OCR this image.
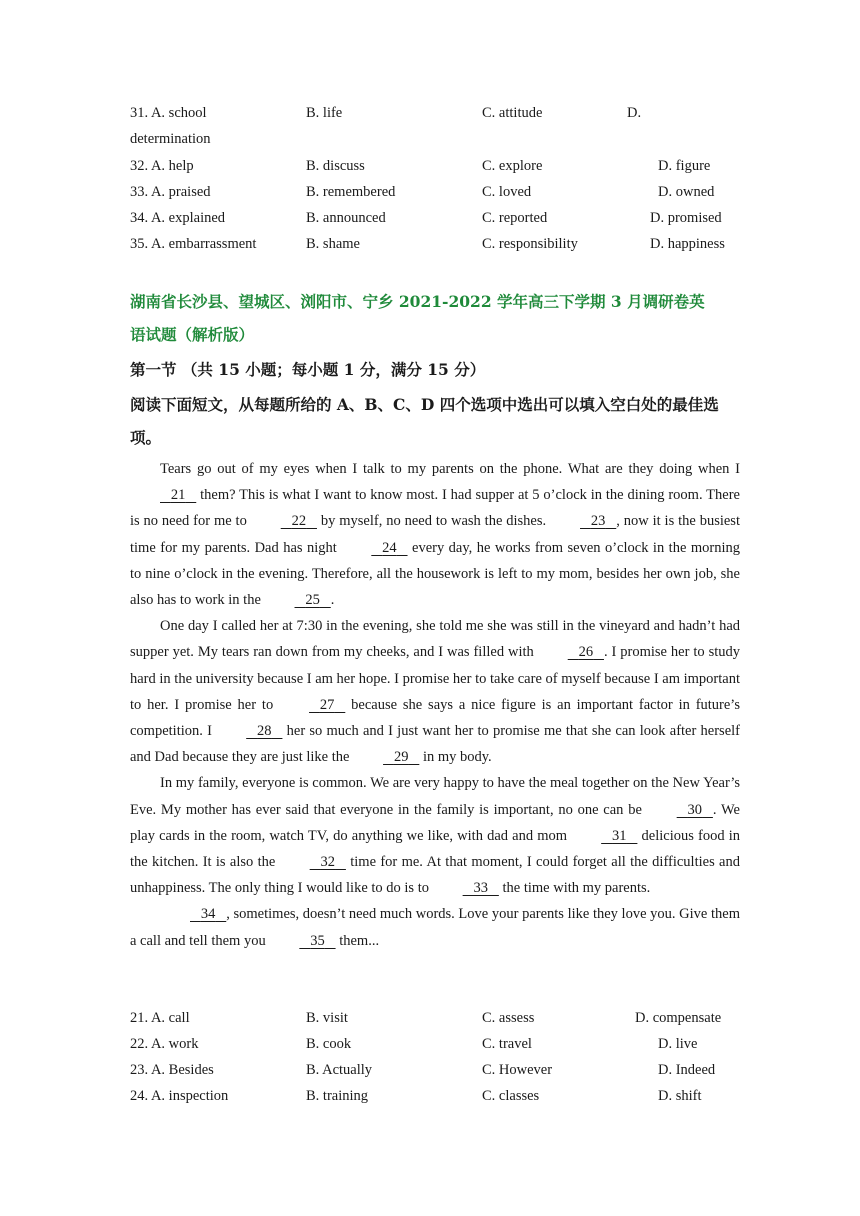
31. A. school	B. life	C. attitude	D.
determination
32. A. help	B. discuss	C. explore	D. figure
33. A. praised	B. remembered	C. loved	D. owned
34. A. explained	B. announced	C. reported	D. promised
35. A. embarrassment	B. shame	C. responsibility	D. happiness
湖南省长沙县、望城区、浏阳市、宁乡 2021-2022 学年高三下学期 3 月调研卷英
语试题（解析版）
第一节 （共 15 小题；每小题 1 分，满分 15 分）
阅读下面短文，从每题所给的 A、B、C、D 四个选项中选出可以填入空白处的最佳选项。

Tears go out of my eyes when I talk to my parents on the phone. What are they doing when I 21 them? This is what I want to know most. I had supper at 5 o’clock in the dining room. There is no need for me to	22 by myself, no need to wash the dishes.	23 , now it is the busiest time for my parents. Dad has night	24 every day, he works from seven o’clock in the morning to nine o’clock in the evening. Therefore, all the housework is left to my mom, besides her own job, she also has to work in the	25 .

One day I called her at 7:30 in the evening, she told me she was still in the vineyard and hadn’t had supper yet. My tears ran down from my cheeks, and I was filled with	26 . I promise her to study hard in the university because I am her hope. I promise her to take care of myself because I am important to her. I promise her to	27 because she says a nice figure is an important factor in future’s competition. I	28 her so much and I just want her to promise me that she can look after herself and Dad because they are just like the	29 in my body.

In my family, everyone is common. We are very happy to have the meal together on the New Year’s Eve. My mother has ever said that everyone in the family is important, no one can be	30 . We play cards in the room, watch TV, do anything we like, with dad and mom	31 delicious food in the kitchen. It is also the	32 time for me. At that moment, I could forget all the difficulties and unhappiness. The only thing I would like to do is to	33 the time with my parents.

34 , sometimes, doesn’t need much words. Love your parents like they love you. Give them a call and tell them you	35 them...

21. A. call	B. visit	C. assess	D. compensate
22. A. work	B. cook	C. travel	D. live
23. A. Besides	B. Actually	C. However	D. Indeed
24. A. inspection	B. training	C. classes	D. shift
